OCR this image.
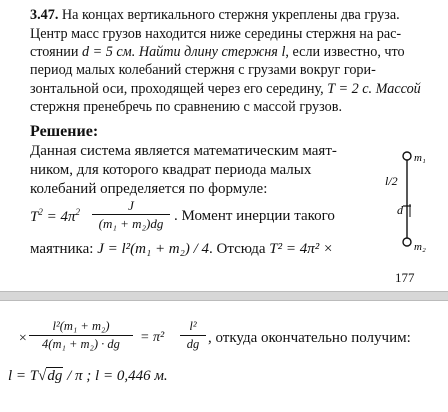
3.47. На концах вертикального стержня укреплены два груза.
Центр масс грузов находится ниже середины стержня на рас-
стоянии d = 5 см. Найти длину стержня l, если известно, что
период малых колебаний стержня с грузами вокруг гори-
зонтальной оси, проходящей через его середину, T = 2 с. Массой
стержня пренебречь по сравнению с массой грузов.
Решение:
Данная система является математическим маят-
ником, для которого квадрат периода малых
колебаний определяется по формуле:
$T^2 = 4\pi^2$	J
(m₁ + m₂)dg . Момент инерции такого
маятника: J = l²(m₁ + m₂) / 4. Отсюда T² = 4π² ×
m₁
m₂
l/2
d
177
×
l²(m₁ + m₂)
4(m₁ + m₂) · dg	= π²
l²
dg , откуда окончательно получим:
l = T√dg / π ; l = 0,446 м.
